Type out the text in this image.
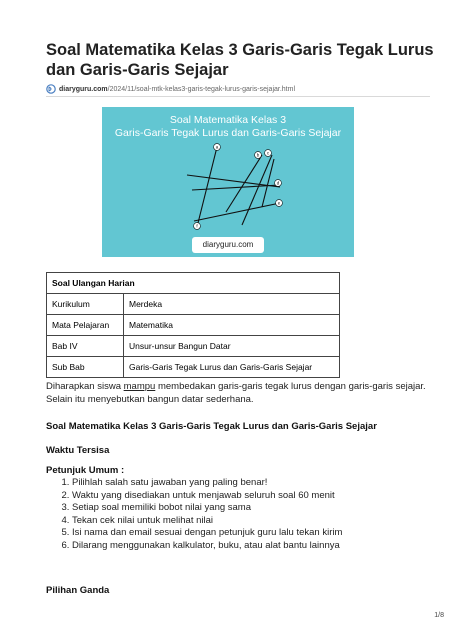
Soal Matematika Kelas 3 Garis-Garis Tegak Lurus dan Garis-Garis Sejajar
diaryguru.com/2024/11/soal-mtk-kelas3-garis-tegak-lurus-garis-sejajar.html
Soal Matematika Kelas 3
Garis-Garis Tegak Lurus dan Garis-Garis Sejajar
a
b c
d
e
f
diaryguru.com
Soal Ulangan Harian	
Kurikulum	Merdeka
Mata Pelajaran	Matematika
Bab IV	Unsur-unsur Bangun Datar
Sub Bab	Garis-Garis Tegak Lurus dan Garis-Garis Sejajar
Diharapkan siswa mampu membedakan garis-garis tegak lurus dengan garis-garis sejajar. Selain itu menyebutkan bangun datar sederhana.
Soal Matematika Kelas 3 Garis-Garis Tegak Lurus dan Garis-Garis Sejajar
Waktu Tersisa
Petunjuk Umum :
1. Pilihlah salah satu jawaban yang paling benar!
2. Waktu yang disediakan untuk menjawab seluruh soal 60 menit
3. Setiap soal memiliki bobot nilai yang sama
4. Tekan cek nilai untuk melihat nilai
5. Isi nama dan email sesuai dengan petunjuk guru lalu tekan kirim
6. Dilarang menggunakan kalkulator, buku, atau alat bantu lainnya
Pilihan Ganda
1/8
